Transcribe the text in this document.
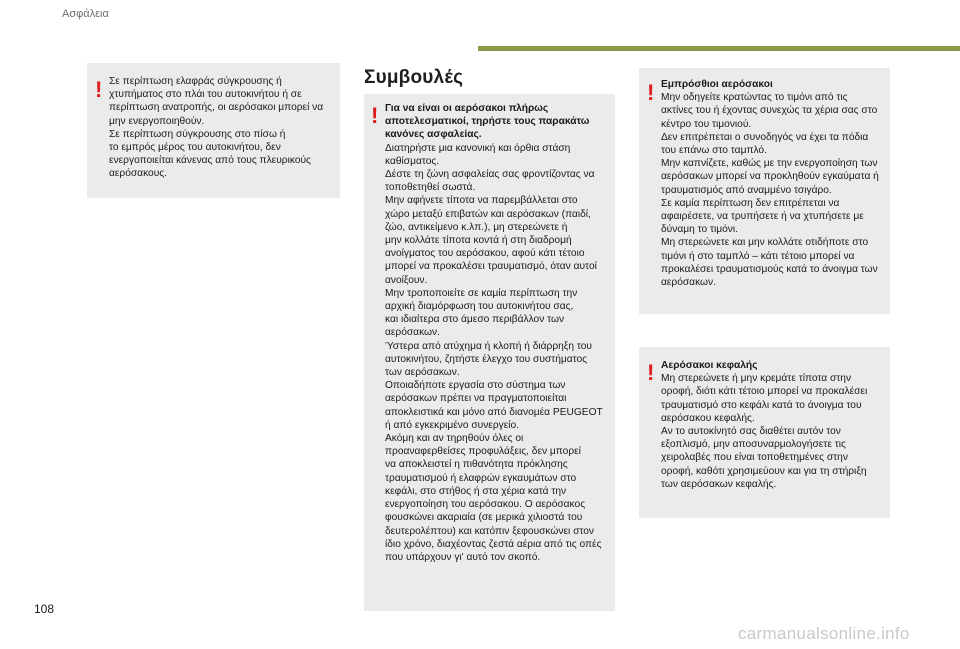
Ασφάλεια
! Σε περίπτωση ελαφράς σύγκρουσης ή

χτυπήματος στο πλάι του αυτοκινήτου ή σε

περίπτωση ανατροπής, οι αερόσακοι μπορεί να

μην ενεργοποιηθούν.

Σε περίπτωση σύγκρουσης στο πίσω ή

το εμπρός μέρος του αυτοκινήτου, δεν

ενεργοποιείται κάνενας από τους πλευρικούς

αερόσακους.

Συμβουλές
! Για να είναι οι αερόσακοι πλήρως

αποτελεσματικοί, τηρήστε τους παρακάτω

κανόνες ασφαλείας.

Διατηρήστε μια κανονική και όρθια στάση

καθίσματος.

Δέστε τη ζώνη ασφαλείας σας φροντίζοντας να

τοποθετηθεί σωστά.

Μην αφήνετε τίποτα να παρεμβάλλεται στο

χώρο μεταξύ επιβατών και αερόσακων (παιδί,

ζώο, αντικείμενο κ.λπ.), μη στερεώνετε ή

μην κολλάτε τίποτα κοντά ή στη διαδρομή

ανοίγματος του αερόσακου, αφού κάτι τέτοιο

μπορεί να προκαλέσει τραυματισμό, όταν αυτοί

ανοίξουν.

Μην τροποποιείτε σε καμία περίπτωση την

αρχική διαμόρφωση του αυτοκινήτου σας,

και ιδιαίτερα στο άμεσο περιβάλλον των

αερόσακων.

Ύστερα από ατύχημα ή κλοπή ή διάρρηξη του

αυτοκινήτου, ζητήστε έλεγχο του συστήματος

των αερόσακων.

Οποιαδήποτε εργασία στο σύστημα των

αερόσακων πρέπει να πραγματοποιείται

αποκλειστικά και μόνο από διανομέα PEUGEOT

ή από εγκεκριμένο συνεργείο.

Ακόμη και αν τηρηθούν όλες οι

προαναφερθείσες προφυλάξεις, δεν μπορεί

να αποκλειστεί η πιθανότητα πρόκλησης

τραυματισμού ή ελαφρών εγκαυμάτων στο

κεφάλι, στο στήθος ή στα χέρια κατά την

ενεργοποίηση του αερόσακου. Ο αερόσακος

φουσκώνει ακαριαία (σε μερικά χιλιοστά του

δευτερολέπτου) και κατόπιν ξεφουσκώνει στον

ίδιο χρόνο, διαχέοντας ζεστά αέρια από τις οπές

που υπάρχουν γι' αυτό τον σκοπό.

! Εμπρόσθιοι αερόσακοι

Μην οδηγείτε κρατώντας το τιμόνι από τις

ακτίνες του ή έχοντας συνεχώς τα χέρια σας στο

κέντρο του τιμονιού.

Δεν επιτρέπεται ο συνοδηγός να έχει τα πόδια

του επάνω στο ταμπλό.

Μην καπνίζετε, καθώς με την ενεργοποίηση των

αερόσακων μπορεί να προκληθούν εγκαύματα ή

τραυματισμός από αναμμένο τσιγάρο.

Σε καμία περίπτωση δεν επιτρέπεται να

αφαιρέσετε, να τρυπήσετε ή να χτυπήσετε με

δύναμη το τιμόνι.

Μη στερεώνετε και μην κολλάτε οτιδήποτε στο

τιμόνι ή στο ταμπλό – κάτι τέτοιο μπορεί να

προκαλέσει τραυματισμούς κατά το άνοιγμα των

αερόσακων.

! Αερόσακοι κεφαλής

Μη στερεώνετε ή μην κρεμάτε τίποτα στην

οροφή, διότι κάτι τέτοιο μπορεί να προκαλέσει

τραυματισμό στο κεφάλι κατά το άνοιγμα του

αερόσακου κεφαλής.

Αν το αυτοκίνητό σας διαθέτει αυτόν τον

εξοπλισμό, μην αποσυναρμολογήσετε τις

χειρολαβές που είναι τοποθετημένες στην

οροφή, καθότι χρησιμεύουν και για τη στήριξη

των αερόσακων κεφαλής.

108
carmanualsonline.info
